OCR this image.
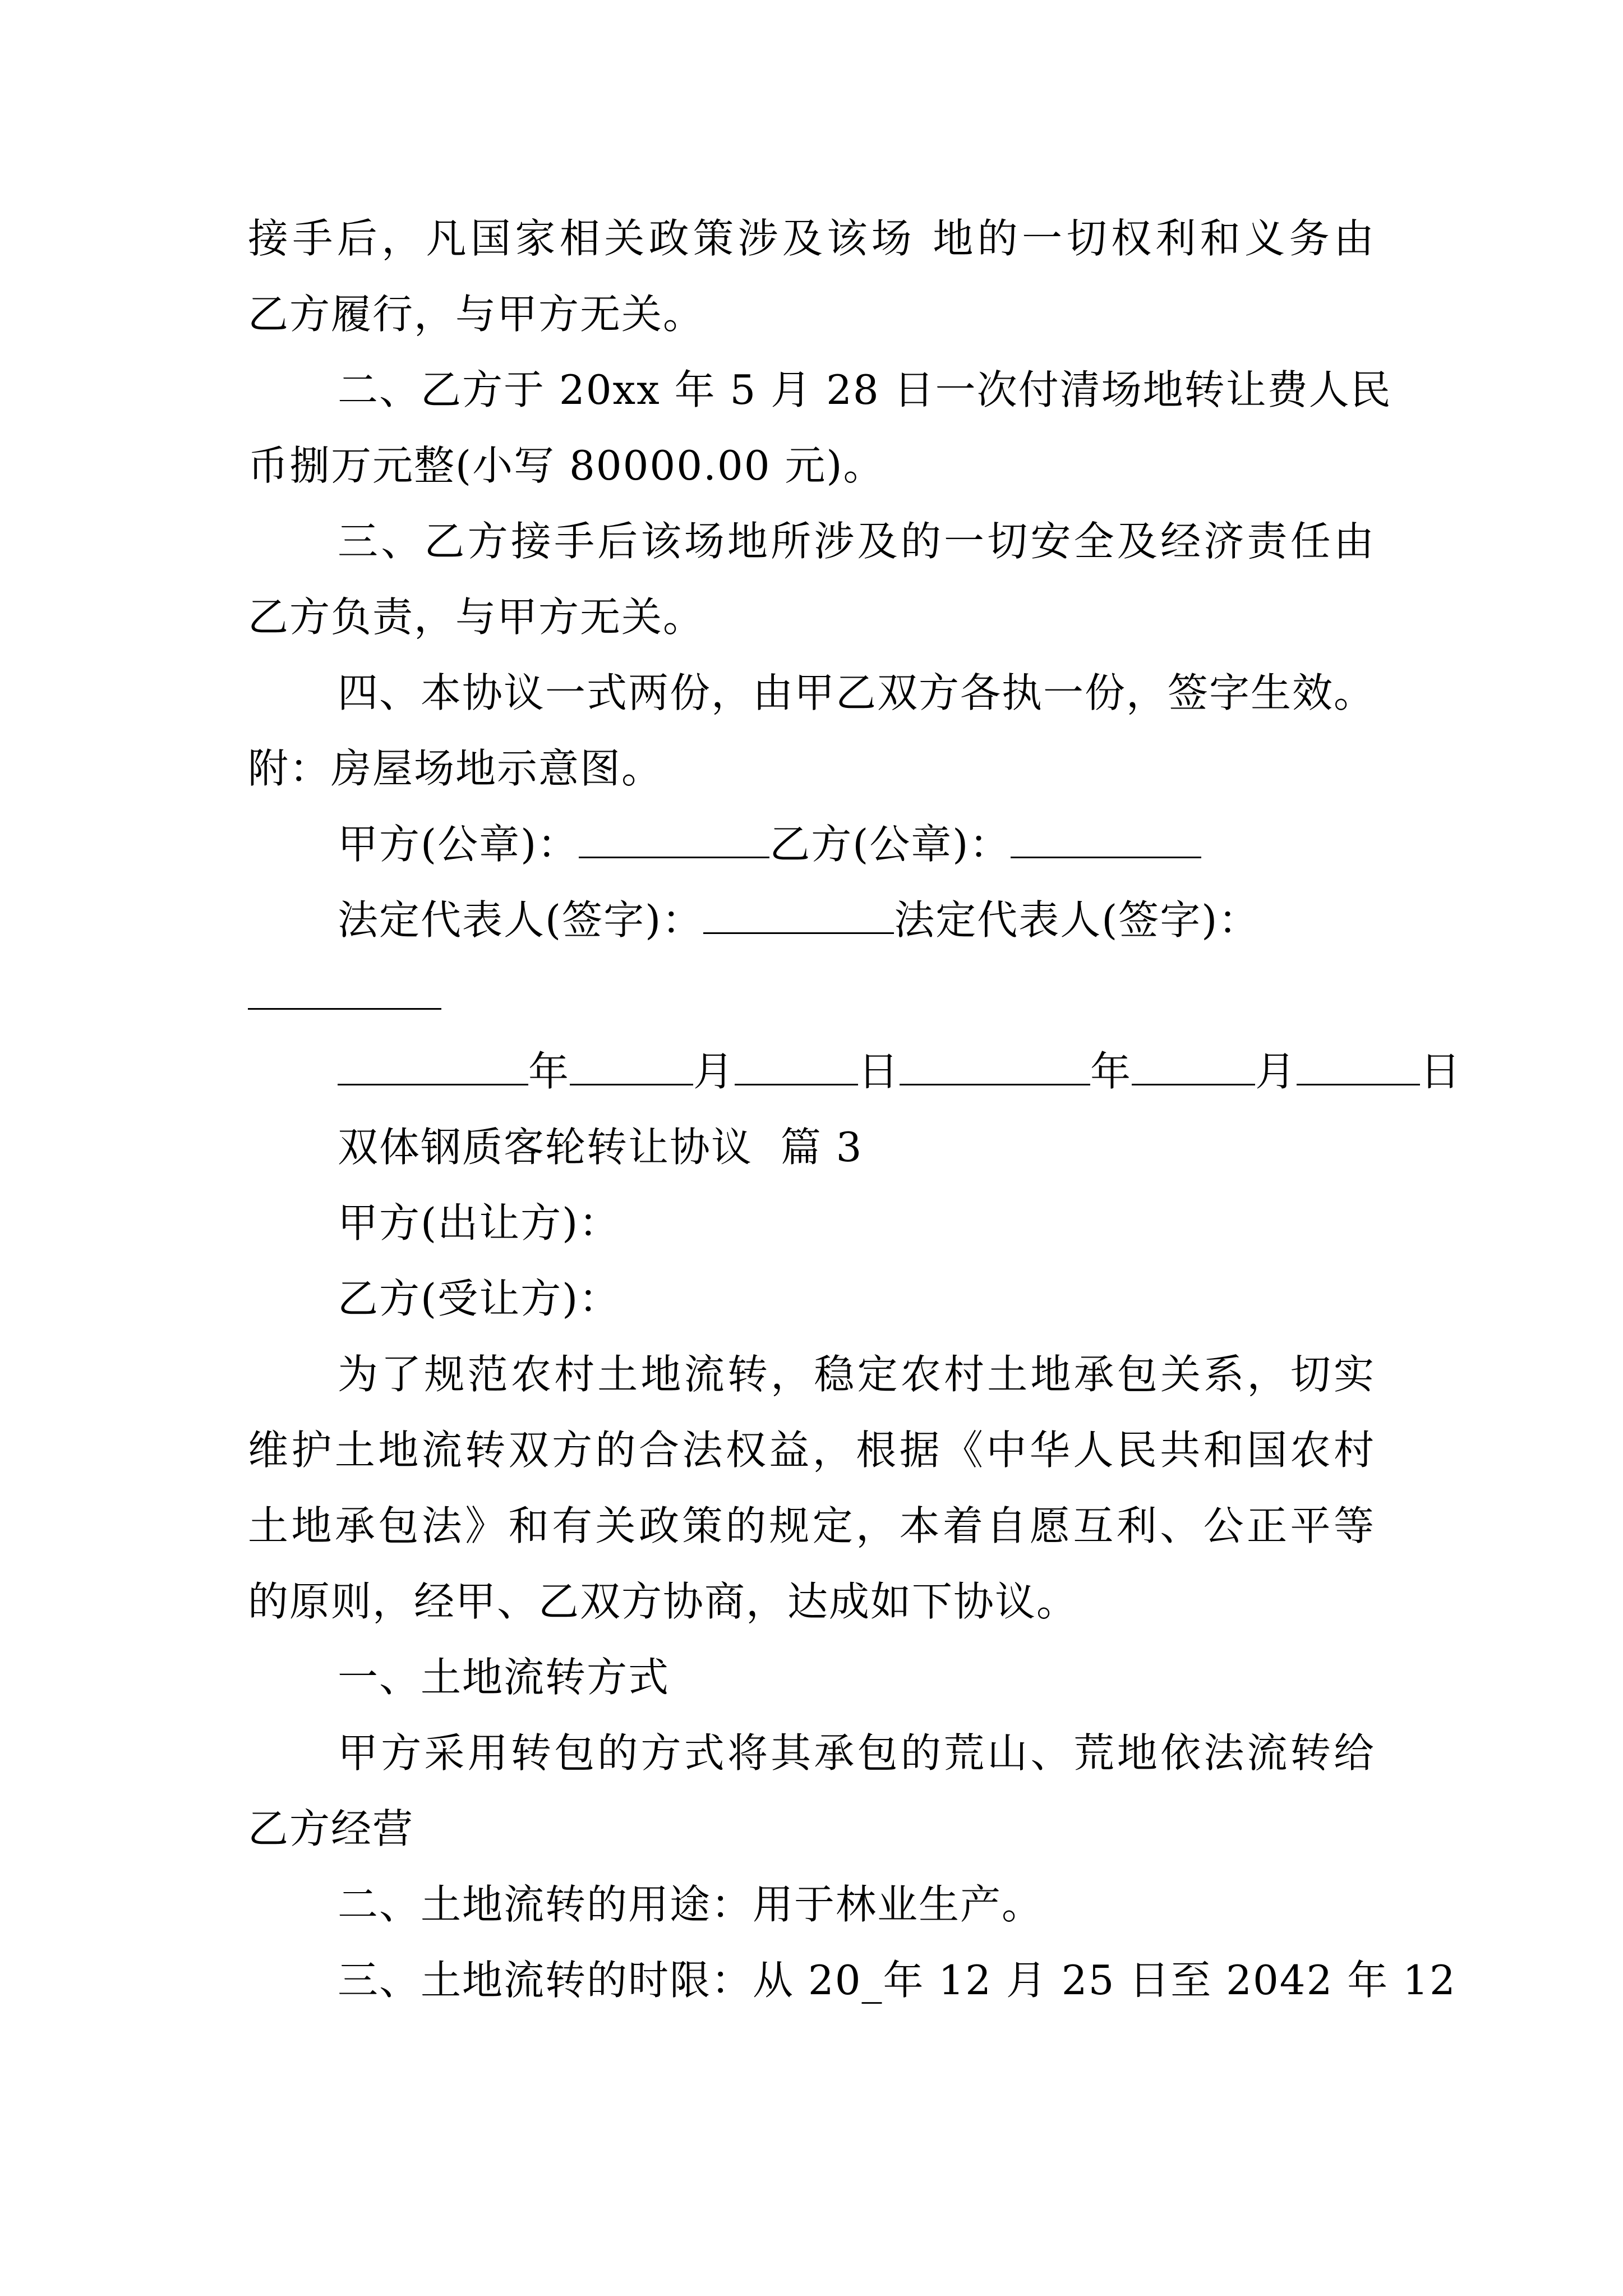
接手后，凡国家相关政策涉及该场 地的一切权利和义务由
乙方履行，与甲方无关。
二、乙方于 20xx 年 5 月 28 日一次付清场地转让费人民
币捌万元整(小写 80000.00 元)。
三、乙方接手后该场地所涉及的一切安全及经济责任由
乙方负责，与甲方无关。
四、本协议一式两份，由甲乙双方各执一份，签字生效。
附：房屋场地示意图。
甲方(公章)：	乙方(公章)：
法定代表人(签字)：	法定代表人(签字)：
年	月	日	年	月	日
双体钢质客轮转让协议  篇 3
甲方(出让方)：
乙方(受让方)：
为了规范农村土地流转，稳定农村土地承包关系，切实
维护土地流转双方的合法权益，根据《中华人民共和国农村
土地承包法》和有关政策的规定，本着自愿互利、公正平等
的原则，经甲、乙双方协商，达成如下协议。
一、土地流转方式
甲方采用转包的方式将其承包的荒山、荒地依法流转给
乙方经营
二、土地流转的用途：用于林业生产。
三、土地流转的时限：从 20_年 12 月 25 日至 2042 年 12
